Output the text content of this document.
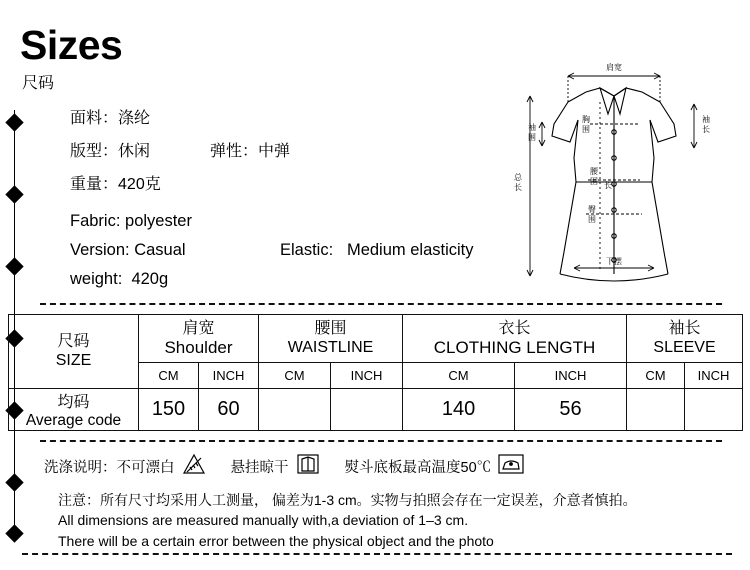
Sizes
尺码
面料：涤纶
版型：休闲	弹性：中弹
重量：420克
Fabric: polyester
Version: Casual	Elastic: Medium elasticity
weight: 420g
肩宽
袖
长
袖
围
胸
围
腰
围
臀
围
总
长	长
下摆
尺码
SIZE

肩宽
Shoulder

腰围
WAISTLINE

衣长
CLOTHING LENGTH

袖长
SLEEVE

	CM	INCH	CM	INCH	CM	INCH	CM	INCH

均码
Average code	150	60			140	56		
洗涤说明： 不可漂白	悬挂晾干	熨斗底板最高温度50℃
注意：所有尺寸均采用人工测量， 偏差为1-3 cm。实物与拍照会存在一定误差，介意者慎拍。
All dimensions are measured manually with,a deviation of 1–3 cm.
There will be a certain error between the physical object and the photo
